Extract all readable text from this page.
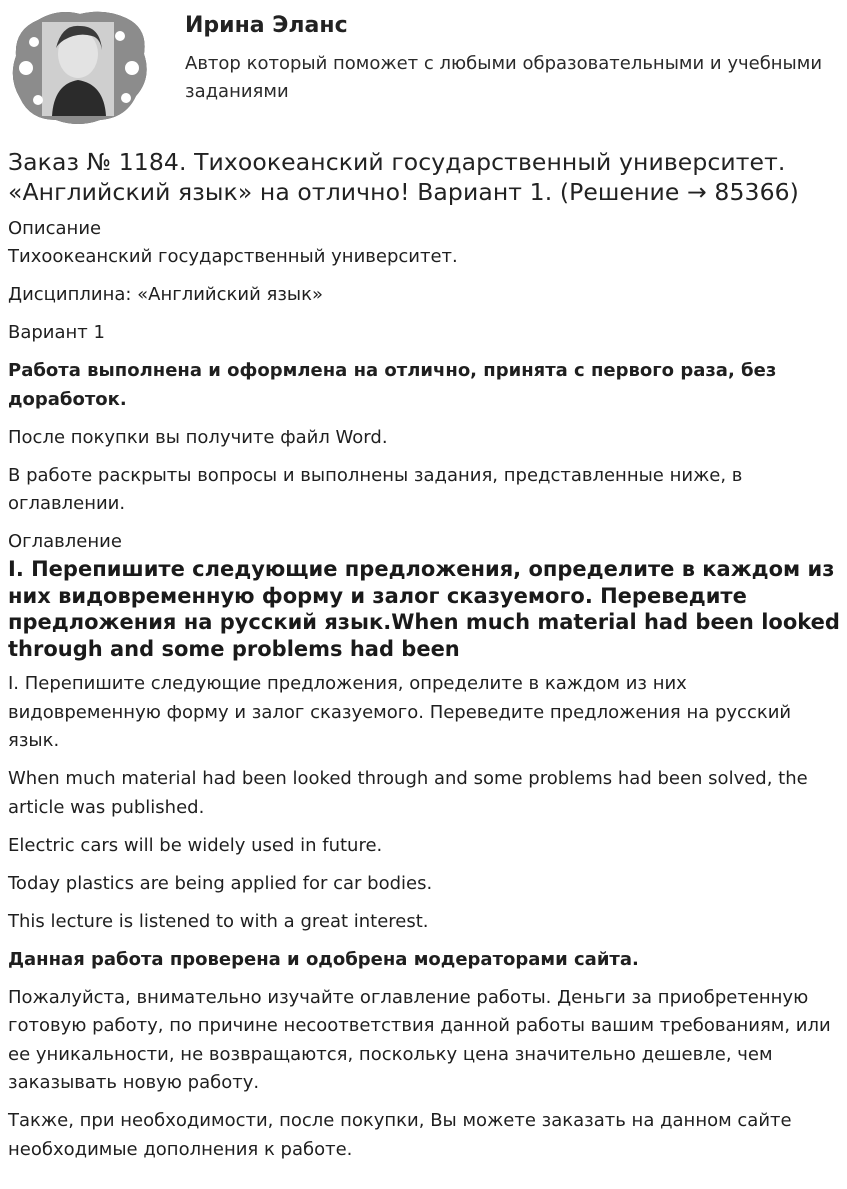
Ирина Эланс

Автор который поможет с любыми образовательными и учебными заданиями

Заказ № 1184. Тихоокеанский государственный университет. «Английский язык» на отлично! Вариант 1. (Решение → 85366)
Описание

Тихоокеанский государственный университет.

Дисциплина: «Английский язык»

Вариант 1

Работа выполнена и оформлена на отлично, принята с первого раза, без доработок.

После покупки вы получите файл Word.

В работе раскрыты вопросы и выполнены задания, представленные ниже, в оглавлении.

Оглавление
I. Перепишите следующие предложения, определите в каждом из них видовременную форму и залог сказуемого. Переведите предложения на русский язык.When much material had been looked through and some problems had been

I. Перепишите следующие предложения, определите в каждом из них видовременную форму и залог сказуемого. Переведите предложения на русский язык.

When much material had been looked through and some problems had been solved, the article was published.

Electric cars will be widely used in future.

Today plastics are being applied for car bodies.

This lecture is listened to with a great interest.

Данная работа проверена и одобрена модераторами сайта.

Пожалуйста, внимательно изучайте оглавление работы. Деньги за приобретенную готовую работу, по причине несоответствия данной работы вашим требованиям, или ее уникальности, не возвращаются, поскольку цена значительно дешевле, чем заказывать новую работу.

Также, при необходимости, после покупки, Вы можете заказать на данном сайте необходимые дополнения к работе.
